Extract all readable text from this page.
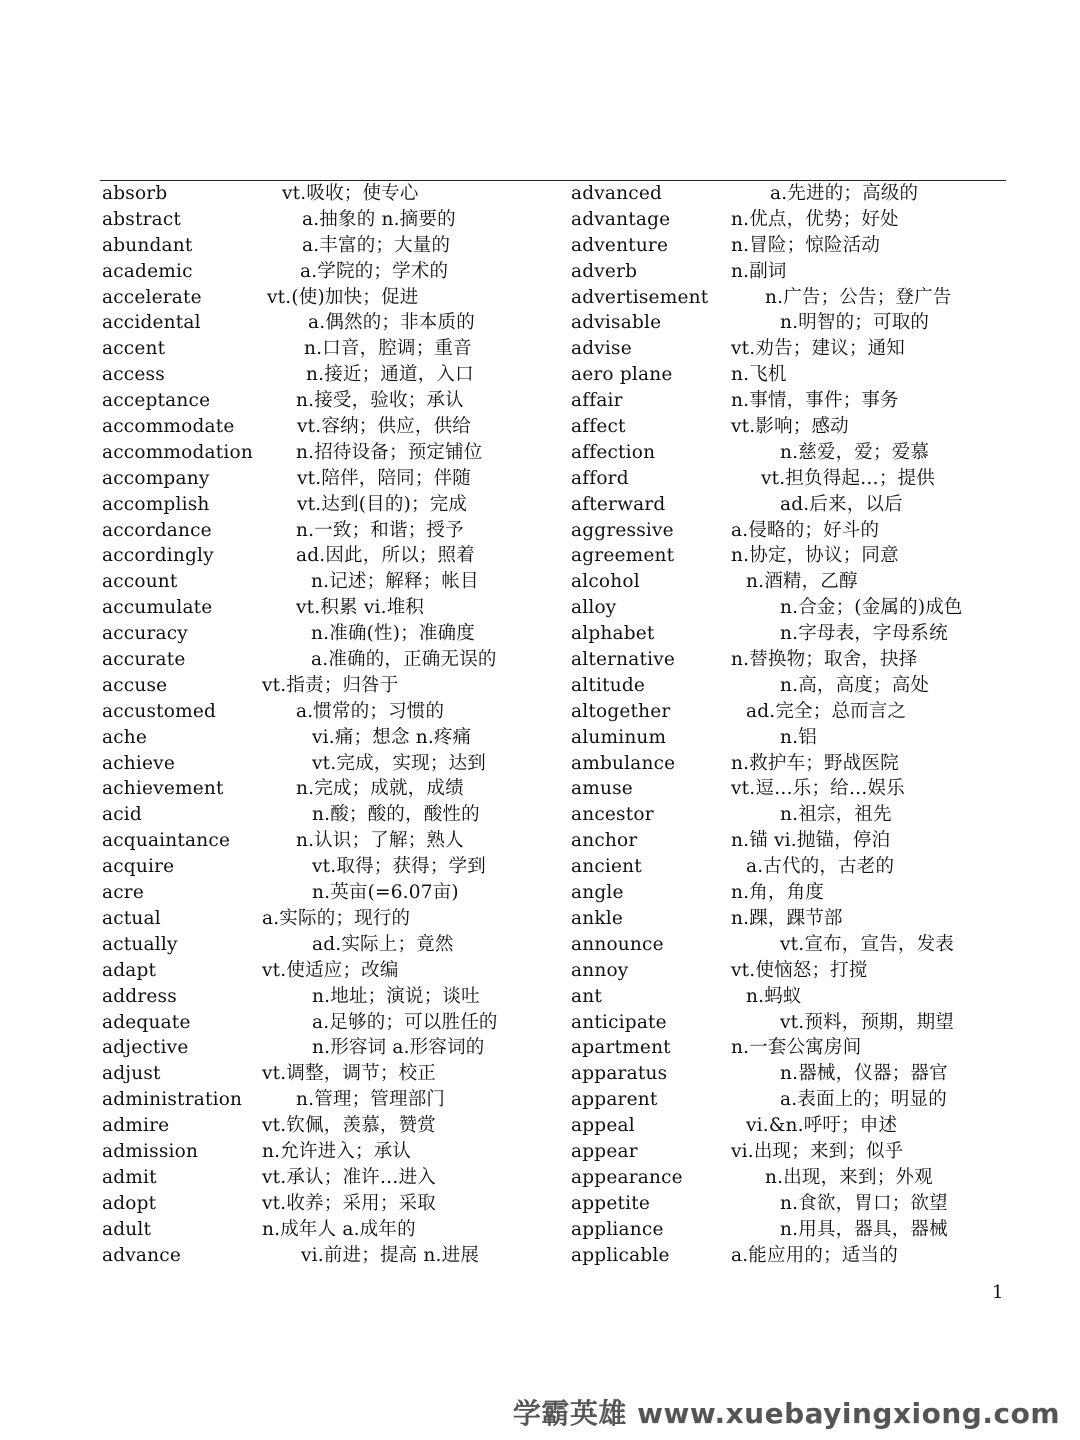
absorb	vt.吸收；使专心
abstract	a.抽象的 n.摘要的
abundant	a.丰富的；大量的
academic	a.学院的；学术的
accelerate	vt.(使)加快；促进
accidental	a.偶然的；非本质的
accent	n.口音，腔调；重音
access	n.接近；通道，入口
acceptance	n.接受，验收；承认
accommodate	vt.容纳；供应，供给
accommodation n.招待设备；预定铺位
accompany	vt.陪伴，陪同；伴随
accomplish	vt.达到(目的)；完成
accordance	n.一致；和谐；授予
accordingly	ad.因此，所以；照着
account	n.记述；解释；帐目
accumulate	vt.积累 vi.堆积
accuracy	n.准确(性)；准确度
accurate	a.准确的，正确无误的
accuse	vt.指责；归咎于
accustomed	a.惯常的；习惯的
ache	vi.痛；想念 n.疼痛
achieve	vt.完成，实现；达到
achievement	n.完成；成就，成绩
acid	n.酸；酸的，酸性的
acquaintance	n.认识；了解；熟人
acquire	vt.取得；获得；学到
acre	n.英亩(=6.07亩)
actual	a.实际的；现行的
actually	ad.实际上；竟然
adapt	vt.使适应；改编
address	n.地址；演说；谈吐
adequate	a.足够的；可以胜任的
adjective	n.形容词 a.形容词的
adjust	vt.调整，调节；校正
administration	n.管理；管理部门
admire	vt.钦佩，羡慕，赞赏
admission	n.允许进入；承认
admit	vt.承认；准许…进入
adopt	vt.收养；采用；采取
adult	n.成年人 a.成年的
advance	vi.前进；提高 n.进展
advanced	a.先进的；高级的
advantage	n.优点，优势；好处
adventure	n.冒险；惊险活动
adverb	n.副词
advertisement	n.广告；公告；登广告
advisable	n.明智的；可取的
advise	vt.劝告；建议；通知
aero plane	n.飞机
affair	n.事情，事件；事务
affect	vt.影响；感动
affection	n.慈爱，爱；爱慕
afford	vt.担负得起…；提供
afterward	ad.后来，以后
aggressive	a.侵略的；好斗的
agreement	n.协定，协议；同意
alcohol	n.酒精，乙醇
alloy	n.合金；(金属的)成色
alphabet	n.字母表，字母系统
alternative	n.替换物；取舍，抉择
altitude	n.高，高度；高处
altogether	ad.完全；总而言之
aluminum	n.铝
ambulance	n.救护车；野战医院
amuse	vt.逗…乐；给…娱乐
ancestor	n.祖宗，祖先
anchor	n.锚 vi.抛锚，停泊
ancient	a.古代的，古老的
angle	n.角，角度
ankle	n.踝，踝节部
announce	vt.宣布，宣告，发表
annoy	vt.使恼怒；打搅
ant	n.蚂蚁
anticipate	vt.预料，预期，期望
apartment	n.一套公寓房间
apparatus	n.器械，仪器；器官
apparent	a.表面上的；明显的
appeal	vi.&n.呼吁；申述
appear	vi.出现；来到；似乎
appearance	n.出现，来到；外观
appetite	n.食欲，胃口；欲望
appliance	n.用具，器具，器械
applicable	a.能应用的；适当的
1
学霸英雄 www.xuebayingxiong.com
